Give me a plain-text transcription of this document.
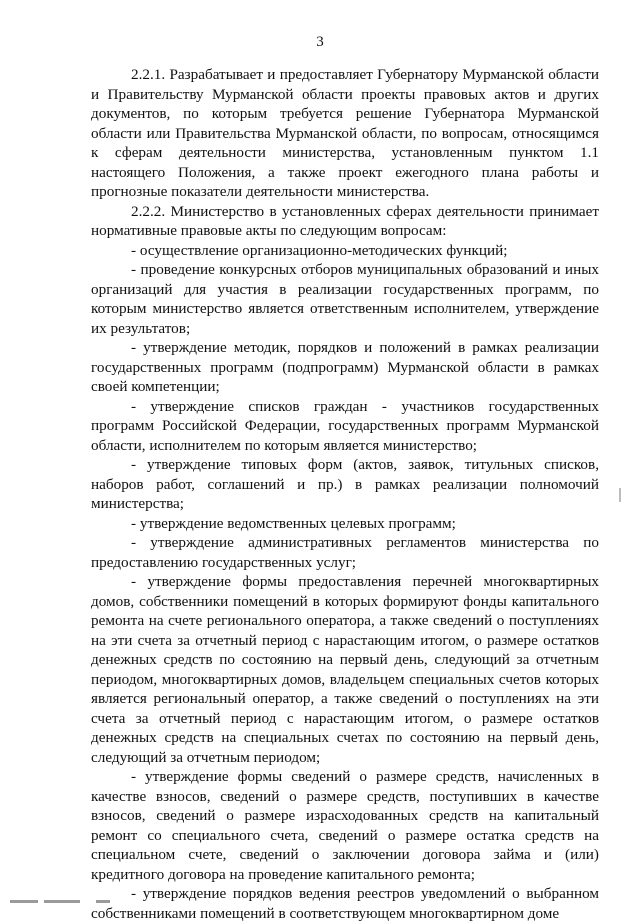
3

2.2.1. Разрабатывает и предоставляет Губернатору Мурманской области и Правительству Мурманской области проекты правовых актов и других документов, по которым требуется решение Губернатора Мурманской области или Правительства Мурманской области, по вопросам, относящимся к сферам деятельности министерства, установленным пунктом 1.1 настоящего Положения, а также проект ежегодного плана работы и прогнозные показатели деятельности министерства.

2.2.2. Министерство в установленных сферах деятельности принимает нормативные правовые акты по следующим вопросам:

- осуществление организационно-методических функций;

- проведение конкурсных отборов муниципальных образований и иных организаций для участия в реализации государственных программ, по которым министерство является ответственным исполнителем, утверждение их результатов;

- утверждение методик, порядков и положений в рамках реализации государственных программ (подпрограмм) Мурманской области в рамках своей компетенции;

- утверждение списков граждан - участников государственных программ Российской Федерации, государственных программ Мурманской области, исполнителем по которым является министерство;

- утверждение типовых форм (актов, заявок, титульных списков, наборов работ, соглашений и пр.) в рамках реализации полномочий министерства;

- утверждение ведомственных целевых программ;

- утверждение административных регламентов министерства по предоставлению государственных услуг;

- утверждение формы предоставления перечней многоквартирных домов, собственники помещений в которых формируют фонды капитального ремонта на счете регионального оператора, а также сведений о поступлениях на эти счета за отчетный период с нарастающим итогом, о размере остатков денежных средств по состоянию на первый день, следующий за отчетным периодом, многоквартирных домов, владельцем специальных счетов которых является региональный оператор, а также сведений о поступлениях на эти счета за отчетный период с нарастающим итогом, о размере остатков денежных средств на специальных счетах по состоянию на первый день, следующий за отчетным периодом;

- утверждение формы сведений о размере средств, начисленных в качестве взносов, сведений о размере средств, поступивших в качестве взносов, сведений о размере израсходованных средств на капитальный ремонт со специального счета, сведений о размере остатка средств на специальном счете, сведений о заключении договора займа и (или) кредитного договора на проведение капитального ремонта;

- утверждение порядков ведения реестров уведомлений о выбранном собственниками помещений в соответствующем многоквартирном доме
